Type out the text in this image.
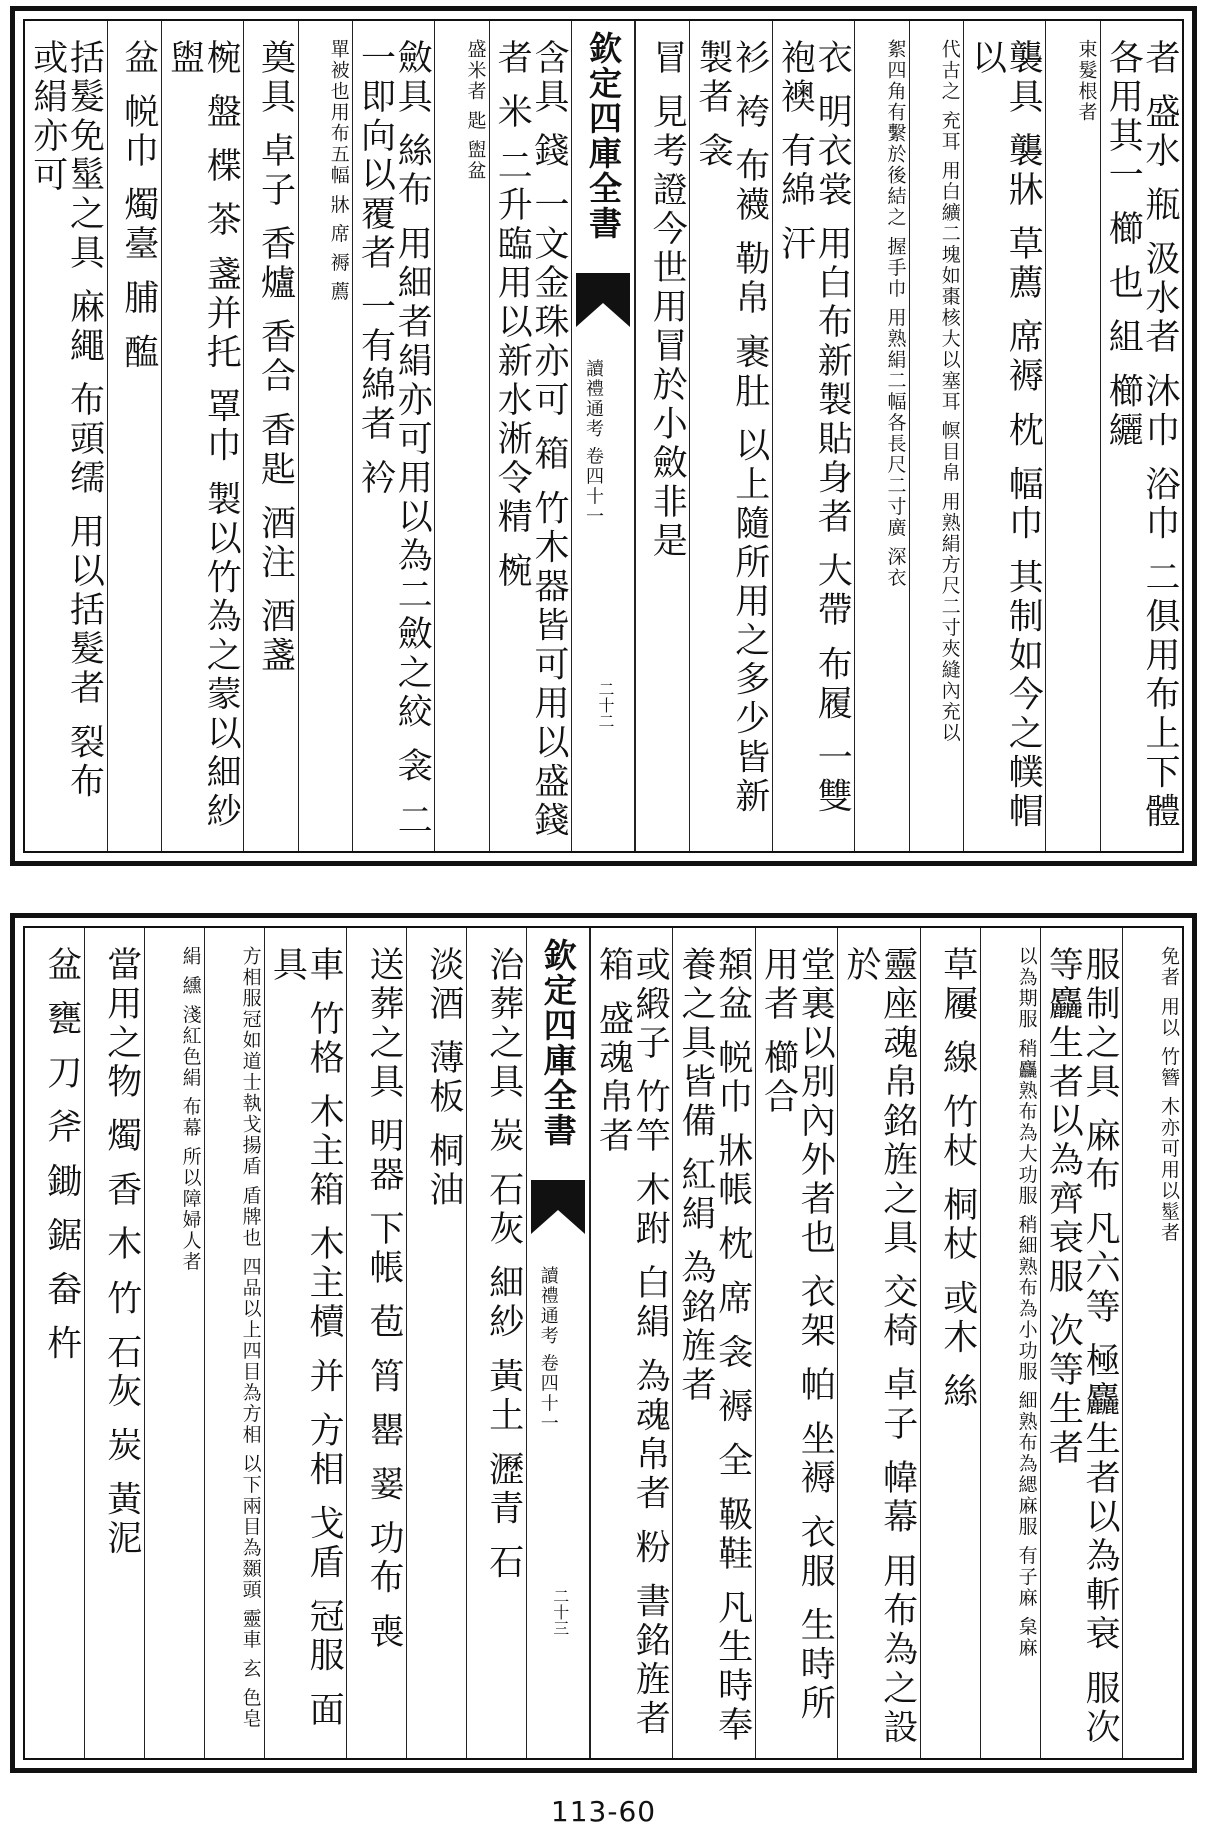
者 盛水 瓶 汲水者 沐巾 浴巾 二俱用布上下體各用其一 櫛 也 組 櫛纚
束髮根者
襲具 襲牀 草薦 席褥 枕 幅巾 其制如今之幞帽以
代古之 充耳 用白纊二塊如棗核大以塞耳 幎目帛 用熟絹方尺二寸夾縫內充以
絮四角有繫於後結之 握手巾 用熟絹二幅各長尺二寸廣 深衣
衣 明衣裳 用白布新製貼身者 大帶 布履 一雙 袍襖 有綿 汗
衫 袴 布襪 勒帛 裹肚 以上隨所用之多少皆新製者 衾
冒 見考證今世用冒於小斂非是
欽定四庫全書
讀禮通考 卷四十一
二十二
含具 錢 一文金珠亦可 箱 竹木器皆可用以盛錢者 米 二升臨用以新水淅令精 椀
盛米者 匙 盥盆
斂具 絲布 用細者絹亦可用以為二斂之絞 衾 二 一即向以覆者 一有綿者 衿
單被也用布五幅 牀 席 褥 薦
奠具 卓子 香爐 香合 香匙 酒注 酒盞
椀 盤 楪 茶 盞并托 罩巾 製以竹為之蒙以細紗 盥
盆 帨巾 燭臺 脯 醢
括髮免髽之具 麻繩 布頭𦈡 用以括髮者 裂布 或絹亦可
免者 用以 竹簪 木亦可用以髽者
服制之具 麻布 凡六等 極麤生者以為斬衰 服次等麤生者以為齊衰服 次等生者
以為期服 稍麤熟布為大功服 稍細熟布為小功服 細熟布為緦麻服 有子麻 枲麻
草屨 線 竹杖 桐杖 或木 絲
靈座魂帛銘旌之具 交椅 卓子 幃幕 用布為之設於
堂裏以別內外者也 衣架 帕 坐褥 衣服 生時所用者 櫛合
頮盆 帨巾 牀帳 枕 席 衾 褥 全 靸鞋 凡生時奉養之具皆備 紅絹 為銘旌者
或緞子 竹竿 木跗 白絹 為魂帛者 粉 書銘旌者 箱 盛魂帛者
欽定四庫全書
讀禮通考 卷四十一
二十三
治葬之具 炭 石灰 細紗 黃土 瀝青 石
淡酒 薄板 桐油
送葬之具 明器 下帳 苞 筲 罌 翣 功布 喪
車 竹格 木主箱 木主櫝 并 方相 戈盾 冠服 面具
方相服冠如道士執戈揚盾 盾牌也 四品以上四目為方相 以下兩目為䫎頭 靈車 玄 色皂
絹 纁 淺紅色絹 布幕 所以障婦人者
當用之物 燭 香 木 竹 石灰 炭 黃泥
盆 甕 刀 斧 鋤 鋸 畚 杵
113-60
